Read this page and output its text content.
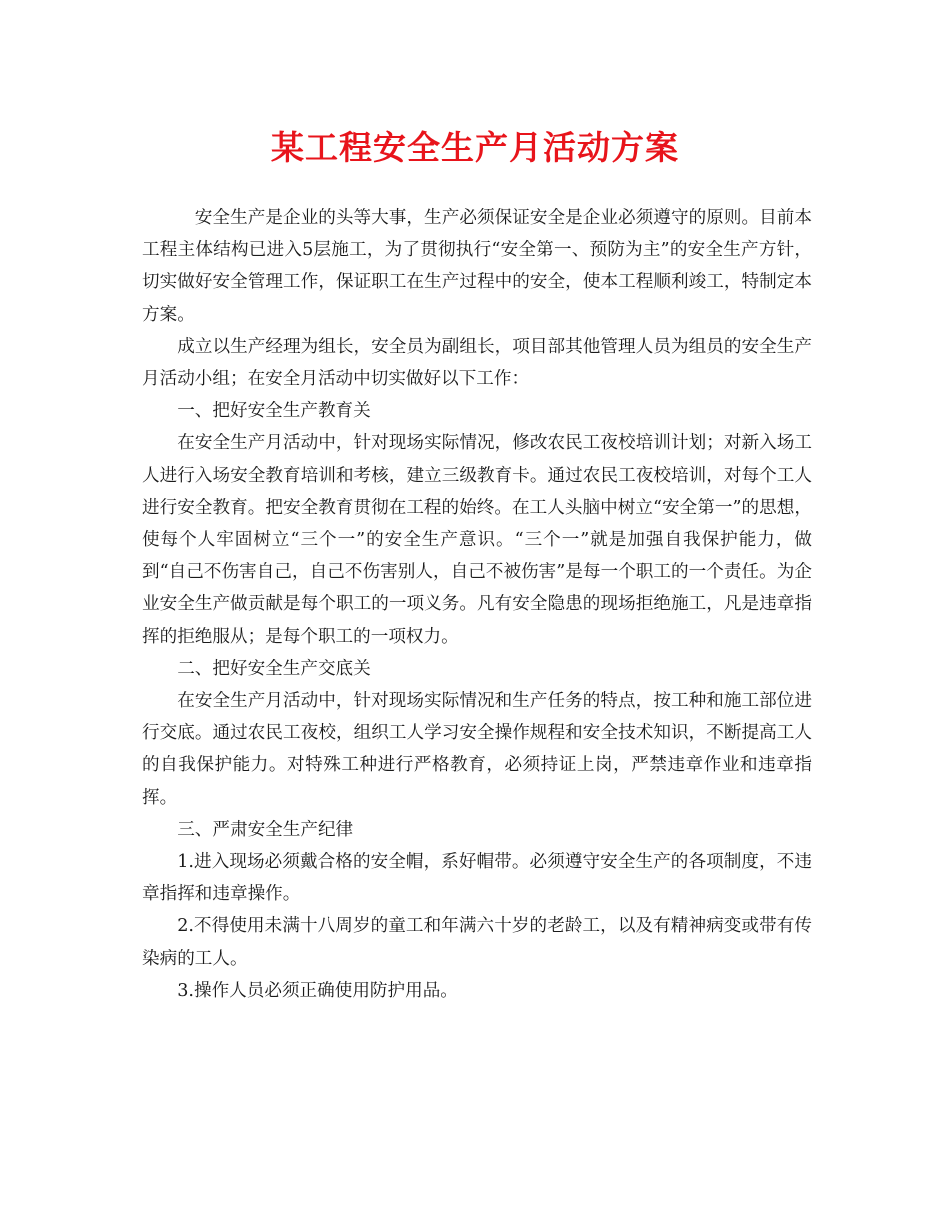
某工程安全生产月活动方案

安全生产是企业的头等大事，生产必须保证安全是企业必须遵守的原则。目前本工程主体结构已进入5层施工，为了贯彻执行“安全第一、预防为主”的安全生产方针，切实做好安全管理工作，保证职工在生产过程中的安全，使本工程顺利竣工，特制定本方案。

成立以生产经理为组长，安全员为副组长，项目部其他管理人员为组员的安全生产月活动小组；在安全月活动中切实做好以下工作：

一、把好安全生产教育关

在安全生产月活动中，针对现场实际情况，修改农民工夜校培训计划；对新入场工人进行入场安全教育培训和考核，建立三级教育卡。通过农民工夜校培训，对每个工人进行安全教育。把安全教育贯彻在工程的始终。在工人头脑中树立“安全第一”的思想，使每个人牢固树立“三个一”的安全生产意识。“三个一”就是加强自我保护能力，做到“自己不伤害自己，自己不伤害别人，自己不被伤害”是每一个职工的一个责任。为企业安全生产做贡献是每个职工的一项义务。凡有安全隐患的现场拒绝施工，凡是违章指挥的拒绝服从；是每个职工的一项权力。

二、把好安全生产交底关

在安全生产月活动中，针对现场实际情况和生产任务的特点，按工种和施工部位进行交底。通过农民工夜校，组织工人学习安全操作规程和安全技术知识，不断提高工人的自我保护能力。对特殊工种进行严格教育，必须持证上岗，严禁违章作业和违章指挥。

三、严肃安全生产纪律

1.进入现场必须戴合格的安全帽，系好帽带。必须遵守安全生产的各项制度，不违章指挥和违章操作。

2.不得使用未满十八周岁的童工和年满六十岁的老龄工，以及有精神病变或带有传染病的工人。

3.操作人员必须正确使用防护用品。
